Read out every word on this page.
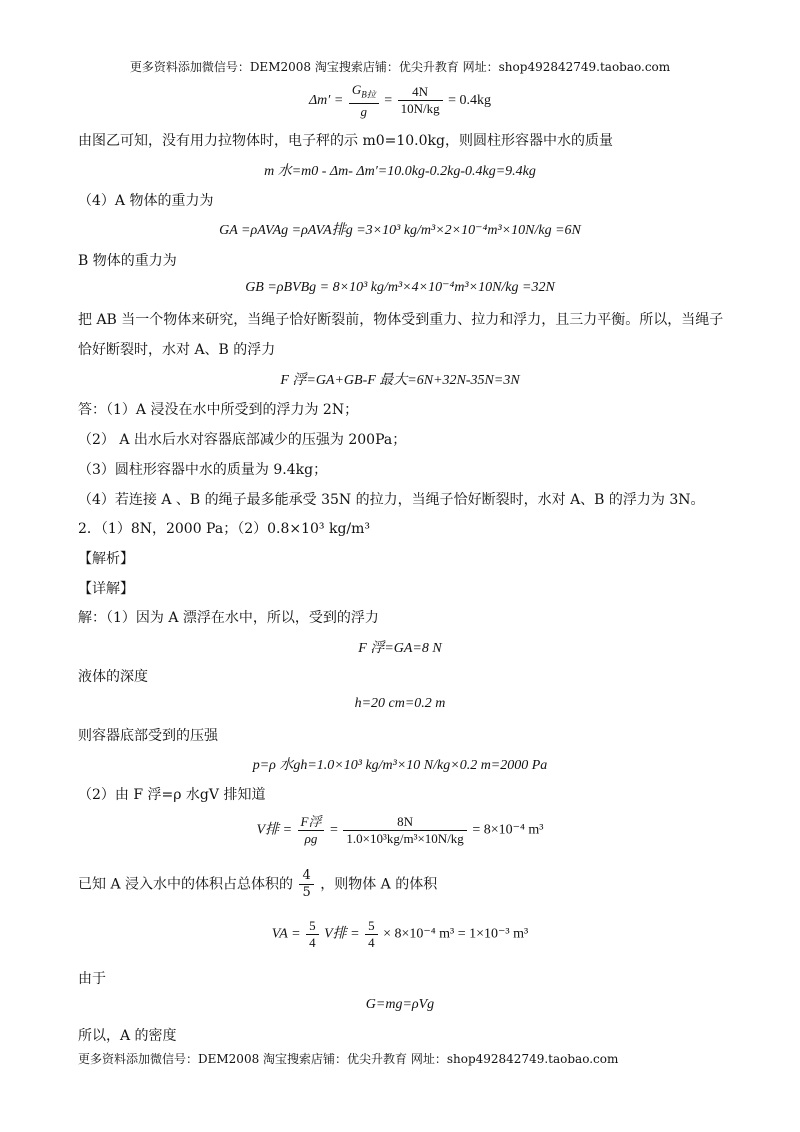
更多资料添加微信号：DEM2008 淘宝搜索店铺：优尖升教育 网址：shop492842749.taobao.com
$\Delta m' = \frac{G_{B拉}}{g} = \frac{4N}{10N/kg} = 0.4kg$
由图乙可知，没有用力拉物体时，电子秤的示 m0=10.0kg，则圆柱形容器中水的质量
m 水=m0 - Δm- Δm′=10.0kg-0.2kg-0.4kg=9.4kg
（4）A 物体的重力为
GA =ρAVAg =ρAVA排g =3×10³ kg/m³×2×10⁻⁴m³×10N/kg =6N
B 物体的重力为
GB =ρBVBg = 8×10³ kg/m³×4×10⁻⁴m³×10N/kg =32N
把 AB 当一个物体来研究，当绳子恰好断裂前，物体受到重力、拉力和浮力，且三力平衡。所以，当绳子
恰好断裂时，水对 A、B 的浮力
F 浮=GA+GB-F 最大=6N+32N-35N=3N
答：（1）A 浸没在水中所受到的浮力为 2N；
（2） A 出水后水对容器底部减少的压强为 200Pa；
（3）圆柱形容器中水的质量为 9.4kg；
（4）若连接 A 、B 的绳子最多能承受 35N 的拉力，当绳子恰好断裂时，水对 A、B 的浮力为 3N。
2．（1）8N，2000 Pa；（2）0.8×10³ kg/m³
【解析】
【详解】
解：（1）因为 A 漂浮在水中，所以，受到的浮力
F 浮=GA=8 N
液体的深度
h=20 cm=0.2 m
则容器底部受到的压强
p=ρ 水gh=1.0×10³ kg/m³×10 N/kg×0.2 m=2000 Pa
（2）由 F 浮=ρ 水gV 排知道
V排 = $\frac{\text{F浮}}{\rho g} = \frac{8N}{\text{1.0×10³kg/m³×10N/kg}} = 8\times 10^{-4}$ m³
已知 A 浸入水中的体积占总体积的 $\frac{4}{5}$ ，则物体 A 的体积
VA = $\frac{5}{4}$ V排 = $\frac{5}{4} \times 8\times 10^{-4}$ m³ = 1×10⁻³ m³
由于
G=mg=ρVg
所以，A 的密度
更多资料添加微信号：DEM2008 淘宝搜索店铺：优尖升教育 网址：shop492842749.taobao.com
